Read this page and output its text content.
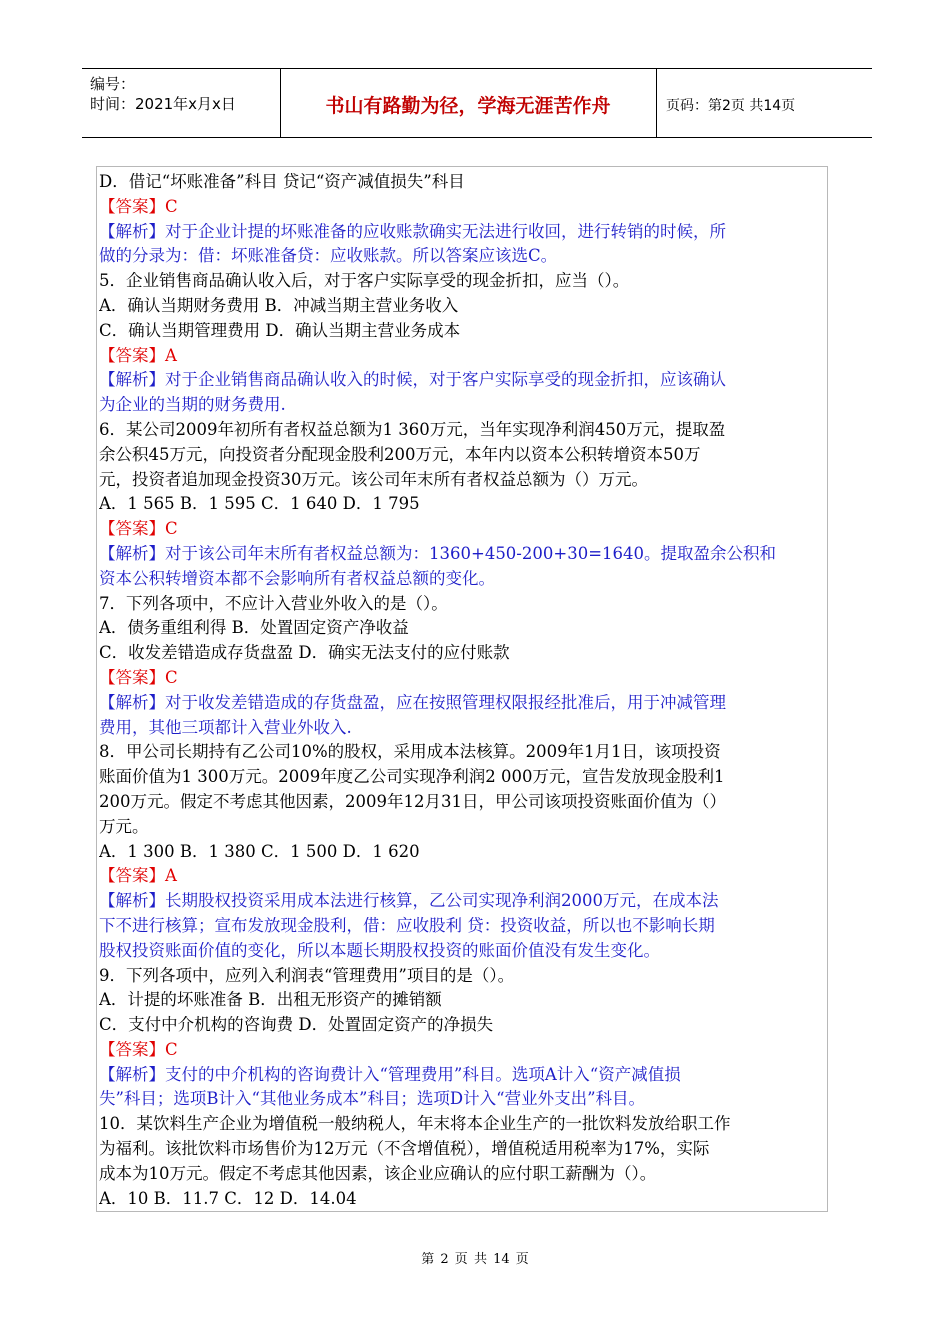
编号：
时间：2021年x月x日	书山有路勤为径，学海无涯苦作舟	页码：第2页 共14页
D．借记“坏账准备”科目 贷记“资产减值损失”科目
【答案】C
【解析】对于企业计提的坏账准备的应收账款确实无法进行收回，进行转销的时候，所
做的分录为：借：坏账准备贷：应收账款。所以答案应该选C。
5．企业销售商品确认收入后，对于客户实际享受的现金折扣，应当（）。
A．确认当期财务费用 B．冲减当期主营业务收入
C．确认当期管理费用 D．确认当期主营业务成本
【答案】A
【解析】对于企业销售商品确认收入的时候，对于客户实际享受的现金折扣，应该确认
为企业的当期的财务费用.
6．某公司2009年初所有者权益总额为1 360万元，当年实现净利润450万元，提取盈
余公积45万元，向投资者分配现金股利200万元，本年内以资本公积转增资本50万
元，投资者追加现金投资30万元。该公司年末所有者权益总额为（）万元。
A．1 565 B．1 595 C．1 640 D．1 795
【答案】C
【解析】对于该公司年末所有者权益总额为：1360+450-200+30=1640。提取盈余公积和
资本公积转增资本都不会影响所有者权益总额的变化。
7．下列各项中，不应计入营业外收入的是（）。
A．债务重组利得 B．处置固定资产净收益
C．收发差错造成存货盘盈 D．确实无法支付的应付账款
【答案】C
【解析】对于收发差错造成的存货盘盈，应在按照管理权限报经批准后，用于冲减管理
费用，其他三项都计入营业外收入.
8．甲公司长期持有乙公司10%的股权，采用成本法核算。2009年1月1日，该项投资
账面价值为1 300万元。2009年度乙公司实现净利润2 000万元，宣告发放现金股利1
200万元。假定不考虑其他因素，2009年12月31日，甲公司该项投资账面价值为（）
万元。
A．1 300 B．1 380 C．1 500 D．1 620
【答案】A
【解析】长期股权投资采用成本法进行核算，乙公司实现净利润2000万元，在成本法
下不进行核算；宣布发放现金股利，借：应收股利 贷：投资收益，所以也不影响长期
股权投资账面价值的变化，所以本题长期股权投资的账面价值没有发生变化。
9．下列各项中，应列入利润表“管理费用”项目的是（）。
A．计提的坏账准备 B．出租无形资产的摊销额
C．支付中介机构的咨询费 D．处置固定资产的净损失
【答案】C
【解析】支付的中介机构的咨询费计入“管理费用”科目。选项A计入“资产减值损
失”科目；选项B计入“其他业务成本”科目；选项D计入“营业外支出”科目。
10．某饮料生产企业为增值税一般纳税人，年末将本企业生产的一批饮料发放给职工作
为福利。该批饮料市场售价为12万元（不含增值税），增值税适用税率为17%，实际
成本为10万元。假定不考虑其他因素，该企业应确认的应付职工薪酬为（）。
A．10 B．11.7 C．12 D．14.04
第 2 页 共 14 页
